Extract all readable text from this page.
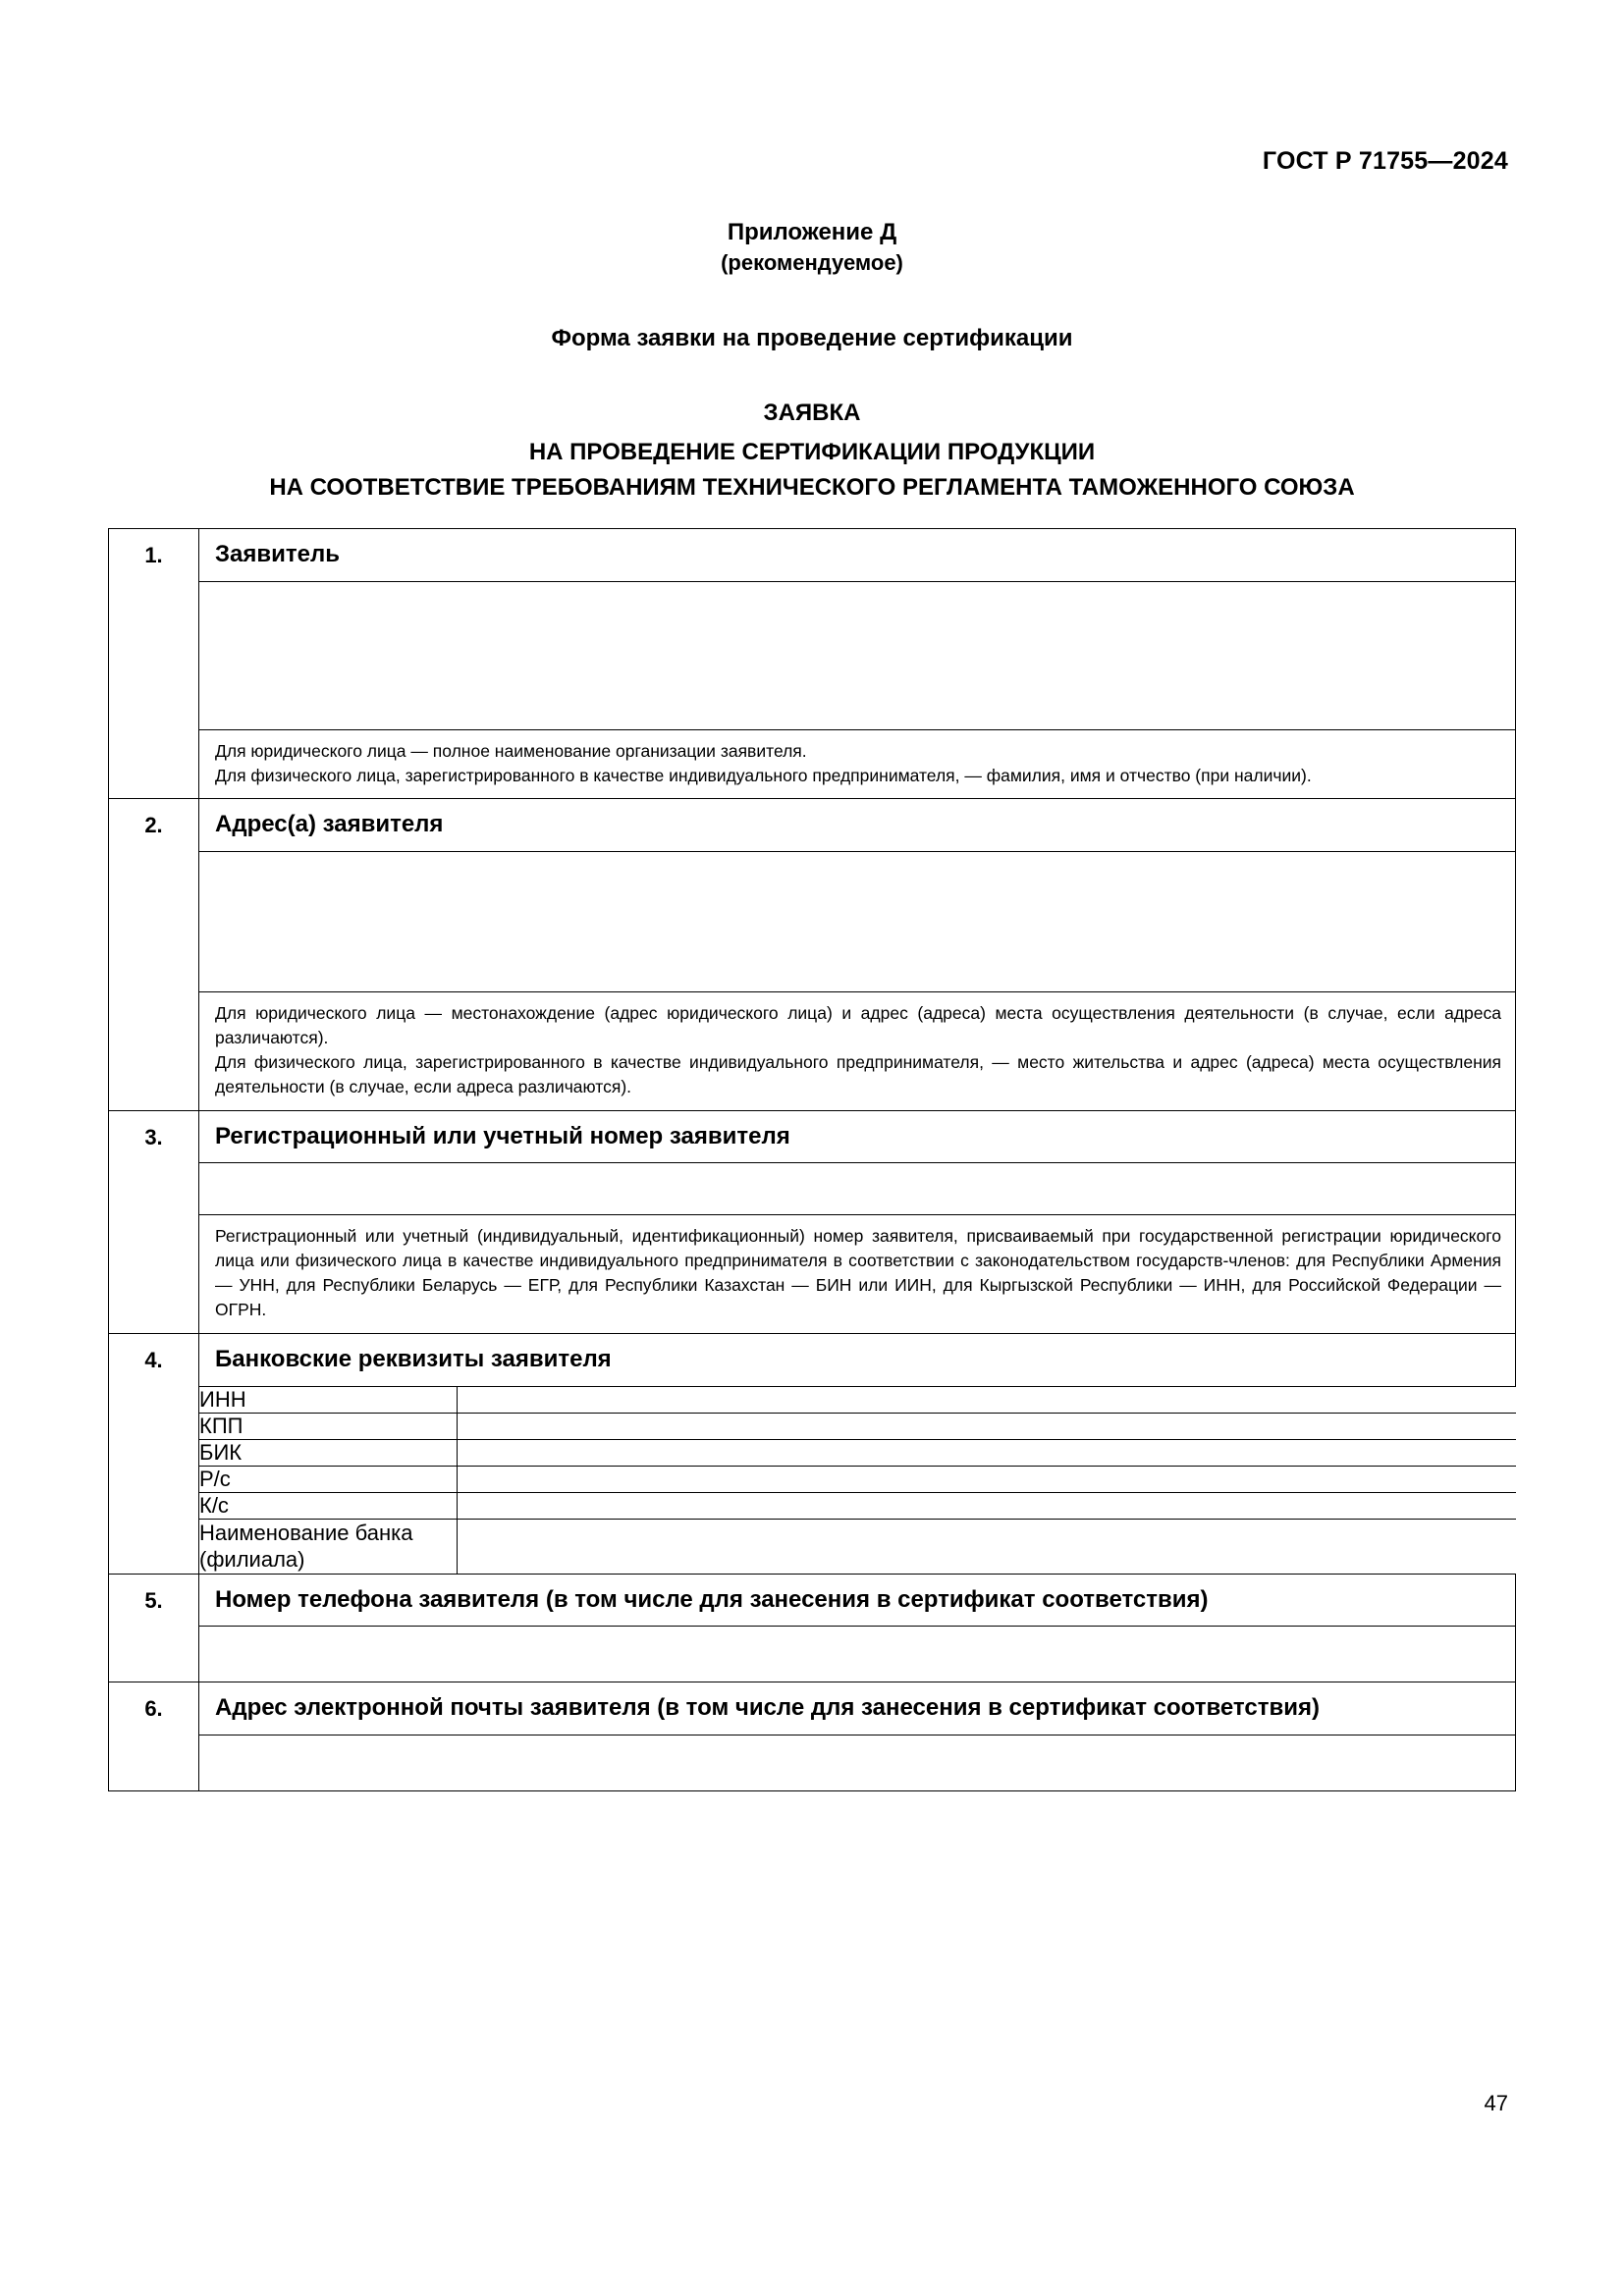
ГОСТ Р 71755—2024
Приложение Д
(рекомендуемое)
Форма заявки на проведение сертификации
ЗАЯВКА
НА ПРОВЕДЕНИЕ СЕРТИФИКАЦИИ ПРОДУКЦИИ
НА СООТВЕТСТВИЕ ТРЕБОВАНИЯМ ТЕХНИЧЕСКОГО РЕГЛАМЕНТА ТАМОЖЕННОГО СОЮЗА
1.	Заявитель

Для юридического лица — полное наименование организации заявителя.
Для физического лица, зарегистрированного в качестве индивидуального предпринимателя, — фамилия, имя и отчество (при наличии).

2.	Адрес(а) заявителя

Для юридического лица — местонахождение (адрес юридического лица) и адрес (адреса) места осуществления деятельности (в случае, если адреса различаются).
Для физического лица, зарегистрированного в качестве индивидуального предпринимателя, — место жительства и адрес (адреса) места осуществления деятельности (в случае, если адреса различаются).

3.	Регистрационный или учетный номер заявителя

Регистрационный или учетный (индивидуальный, идентификационный) номер заявителя, присваиваемый при государственной регистрации юридического лица или физического лица в качестве индивидуального предпринимателя в соответствии с законодательством государств-членов: для Республики Армения — УНН, для Республики Беларусь — ЕГР, для Республики Казахстан — БИН или ИИН, для Кыргызской Республики — ИНН, для Российской Федерации — ОГРН.

4.	Банковские реквизиты заявителя

ИНН	
КПП	
БИК	
Р/с	
К/с	
Наименование банка (филиала)	

5.	Номер телефона заявителя (в том числе для занесения в сертификат соответствия)

6.	Адрес электронной почты заявителя (в том числе для занесения в сертификат соответствия)

47
